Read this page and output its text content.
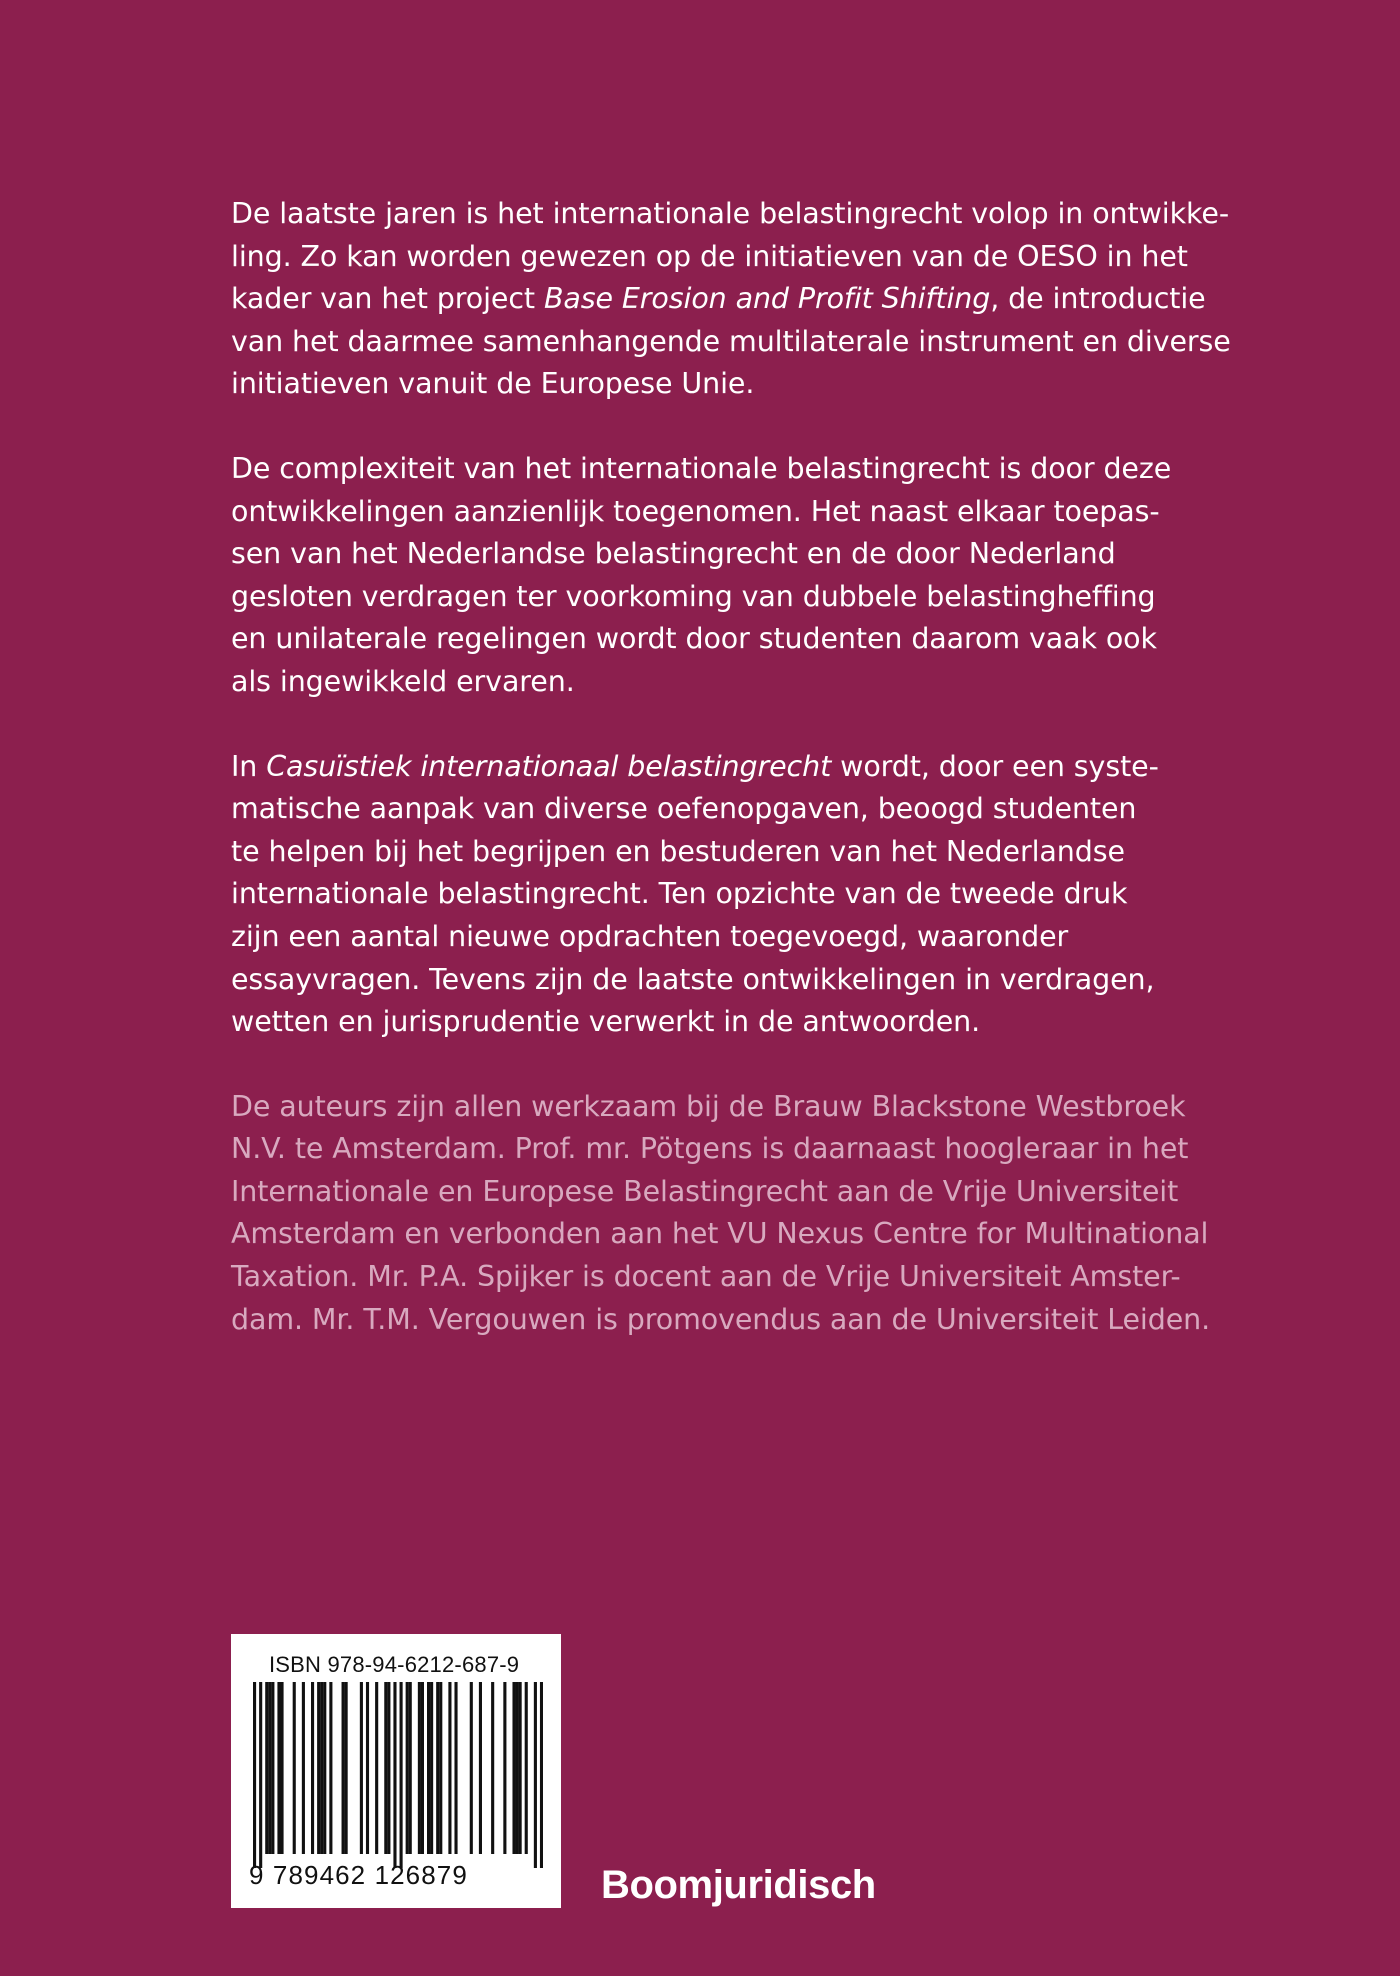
De laatste jaren is het internationale belastingrecht volop in ontwikke-
ling. Zo kan worden gewezen op de initiatieven van de OESO in het
kader van het project Base Erosion and Profit Shifting, de introductie
van het daarmee samenhangende multilaterale instrument en diverse
initiatieven vanuit de Europese Unie.

De complexiteit van het internationale belastingrecht is door deze
ontwikkelingen aanzienlijk toegenomen. Het naast elkaar toepas-
sen van het Nederlandse belastingrecht en de door Nederland
gesloten verdragen ter voorkoming van dubbele belastingheffing
en unilaterale regelingen wordt door studenten daarom vaak ook
als ingewikkeld ervaren.

In Casuïstiek internationaal belastingrecht wordt, door een syste-
matische aanpak van diverse oefenopgaven, beoogd studenten
te helpen bij het begrijpen en bestuderen van het Nederlandse
internationale belastingrecht. Ten opzichte van de tweede druk
zijn een aantal nieuwe opdrachten toegevoegd, waaronder
essayvragen. Tevens zijn de laatste ontwikkelingen in verdragen,
wetten en jurisprudentie verwerkt in de antwoorden.

De auteurs zijn allen werkzaam bij de Brauw Blackstone Westbroek
N.V. te Amsterdam. Prof. mr. Pötgens is daarnaast hoogleraar in het
Internationale en Europese Belastingrecht aan de Vrije Universiteit
Amsterdam en verbonden aan het VU Nexus Centre for Multinational
Taxation. Mr. P.A. Spijker is docent aan de Vrije Universiteit Amster-
dam. Mr. T.M. Vergouwen is promovendus aan de Universiteit Leiden.

ISBN 978-94-6212-687-9
9 789462 126879	Boomjuridisch
